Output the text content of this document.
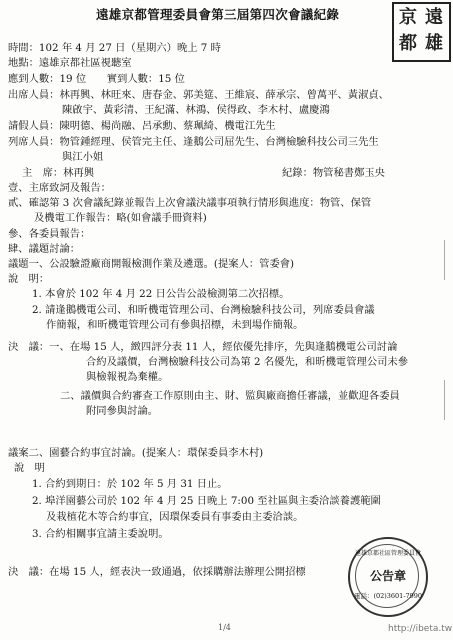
遠雄京都管理委員會第三屆第四次會議紀錄	遠
雄
京
都
時間：102 年 4 月 27 日（星期六）晚上 7 時
地點：遠雄京都社區視聽室
應到人數：19 位　　實到人數：15 位
出席人員：林再興、林旺來、唐春金、郭美筵、王維宸、薛承宗、曾萬平、黃淑貞、
陳啟宇、黃彩清、王紀滿、林鴻、侯得政、李木村、盧慶鴻
請假人員：陳明德、楊尚融、呂承勳、蔡珮綺、機電江先生
列席人員：物管鍾經理、侯管完主任、逢鵝公司屈先生、台灣檢驗科技公司三先生
與江小姐
主　席：林再興	紀錄：物管秘書鄭玉央
壹、主席致詞及報告：
貳、確認第 3 次會議紀錄並報告上次會議決議事項執行情形與進度：物管、保管
及機電工作報告：略(如會議手冊資料)
參、各委員報告：
肆、議題討論：
議題一、公設驗證廠商開報檢測作業及遴選。(提案人：管委會)
說　明：
1. 本會於 102 年 4 月 22 日公告公設檢測第二次招標。
2. 請逢鵝機電公司、和昕機電管理公司、台灣檢驗科技公司，列席委員會議
作簡報，和昕機電管理公司有參與招標，未到場作簡報。
決　議：一、在場 15 人，緻四評分表 11 人，經依優先排序，先與逢鵝機電公司討論
合約及議價，台灣檢驗科技公司為第 2 名優先，和昕機電管理公司未參
與檢報視為棄權。
二、議價與合約審查工作原則由主、財、監與廠商擔任審議，並歡迎各委員
附同參與討論。
議案二、園藝合約事宜討論。(提案人：環保委員李木村)
說　明
1. 合約到期日：於 102 年 5 月 31 日止。
2. 埠洋園藝公司於 102 年 4 月 25 日晚上 7:00 至社區與主委洽談養護範圍
及栽植花木等合約事宜，因環保委員有事委由主委洽談。
3. 合約相關事宜請主委說明。
決　議：在場 15 人，經表決一致通過，依採購辦法辦理公開招標
遠雄京都社區管理委員會
公告章
電話：(02)3601-7990
1/4	http://ibeta.tw
